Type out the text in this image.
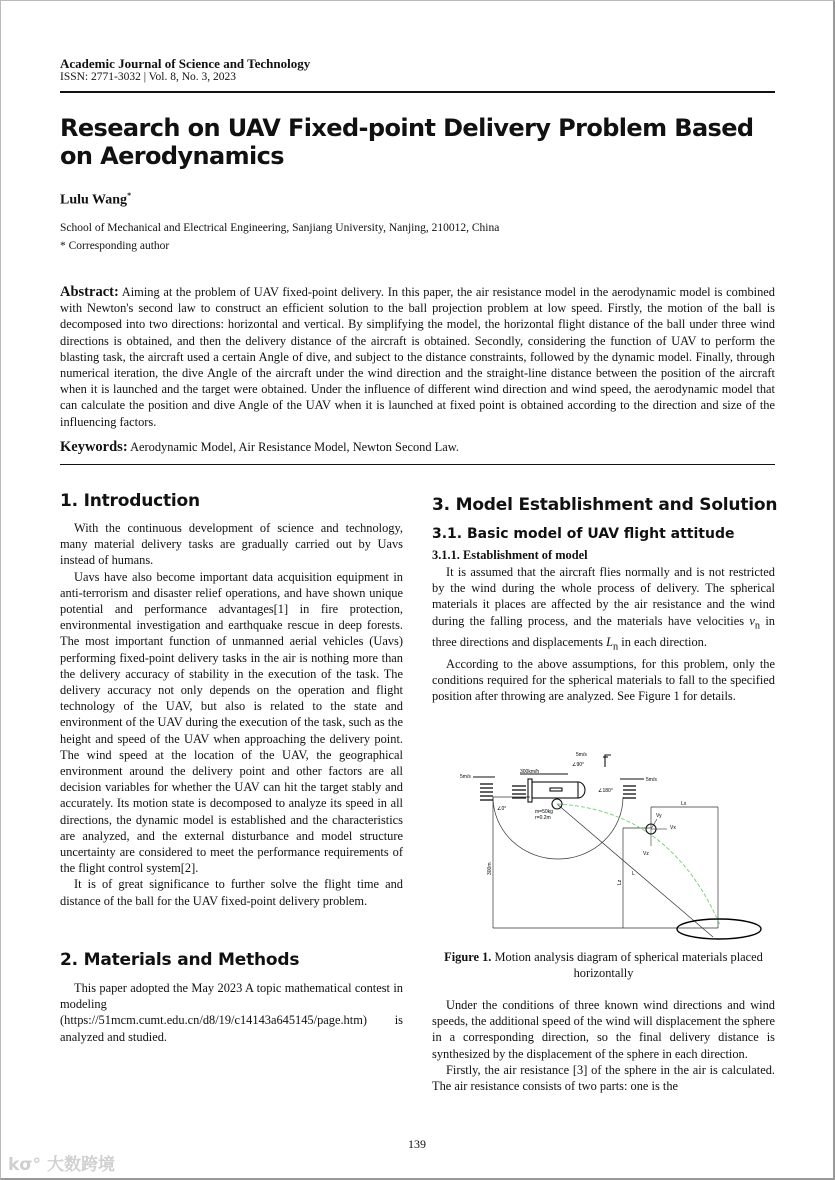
Academic Journal of Science and Technology
ISSN: 2771-3032 | Vol. 8, No. 3, 2023
Research on UAV Fixed-point Delivery Problem Based on Aerodynamics
Lulu Wang*
School of Mechanical and Electrical Engineering, Sanjiang University, Nanjing, 210012, China
* Corresponding author
Abstract: Aiming at the problem of UAV fixed-point delivery. In this paper, the air resistance model in the aerodynamic model is combined with Newton's second law to construct an efficient solution to the ball projection problem at low speed. Firstly, the motion of the ball is decomposed into two directions: horizontal and vertical. By simplifying the model, the horizontal flight distance of the ball under three wind directions is obtained, and then the delivery distance of the aircraft is obtained. Secondly, considering the function of UAV to perform the blasting task, the aircraft used a certain Angle of dive, and subject to the distance constraints, followed by the dynamic model. Finally, through numerical iteration, the dive Angle of the aircraft under the wind direction and the straight-line distance between the position of the aircraft when it is launched and the target were obtained. Under the influence of different wind direction and wind speed, the aerodynamic model that can calculate the position and dive Angle of the UAV when it is launched at fixed point is obtained according to the direction and size of the influencing factors.
Keywords: Aerodynamic Model, Air Resistance Model, Newton Second Law.
1. Introduction

With the continuous development of science and technology, many material delivery tasks are gradually carried out by Uavs instead of humans.

Uavs have also become important data acquisition equipment in anti-terrorism and disaster relief operations, and have shown unique potential and performance advantages[1] in fire protection, environmental investigation and earthquake rescue in deep forests. The most important function of unmanned aerial vehicles (Uavs) performing fixed-point delivery tasks in the air is nothing more than the delivery accuracy of stability in the execution of the task. The delivery accuracy not only depends on the operation and flight technology of the UAV, but also is related to the state and environment of the UAV during the execution of the task, such as the height and speed of the UAV when approaching the delivery point. The wind speed at the location of the UAV, the geographical environment around the delivery point and other factors are all decision variables for whether the UAV can hit the target stably and accurately. Its motion state is decomposed to analyze its speed in all directions, the dynamic model is established and the characteristics are analyzed, and the external disturbance and model structure uncertainty are considered to meet the performance requirements of the flight control system[2].

It is of great significance to further solve the flight time and distance of the ball for the UAV fixed-point delivery problem.

2. Materials and Methods

This paper adopted the May 2023 A topic mathematical contest in modeling (https://51mcm.cumt.edu.cn/d8/19/c14143a645145/page.htm) is analyzed and studied.

3. Model Establishment and Solution
3.1. Basic model of UAV flight attitude
3.1.1. Establishment of model

It is assumed that the aircraft flies normally and is not restricted by the wind during the whole process of delivery. The spherical materials it places are affected by the air resistance and the wind during the falling process, and the materials have velocities $v_n$ in three directions and displacements $L_n$ in each direction.

According to the above assumptions, for this problem, only the conditions required for the spherical materials to fall to the specified position after throwing are analyzed. See Figure 1 for details.

5m/s
5m/s
5m/s
300km/h
∠0°
∠90°
∠180°
m=50kg
r=0.2m
300m
Lx
Lz
L
Vx
Vy
Vz
Figure 1. Motion analysis diagram of spherical materials placed horizontally

Under the conditions of three known wind directions and wind speeds, the additional speed of the wind will displacement the sphere in a corresponding direction, so the final delivery distance is synthesized by the displacement of the sphere in each direction.

Firstly, the air resistance [3] of the sphere in the air is calculated. The air resistance consists of two parts: one is the

139
kσ° 大数跨境
